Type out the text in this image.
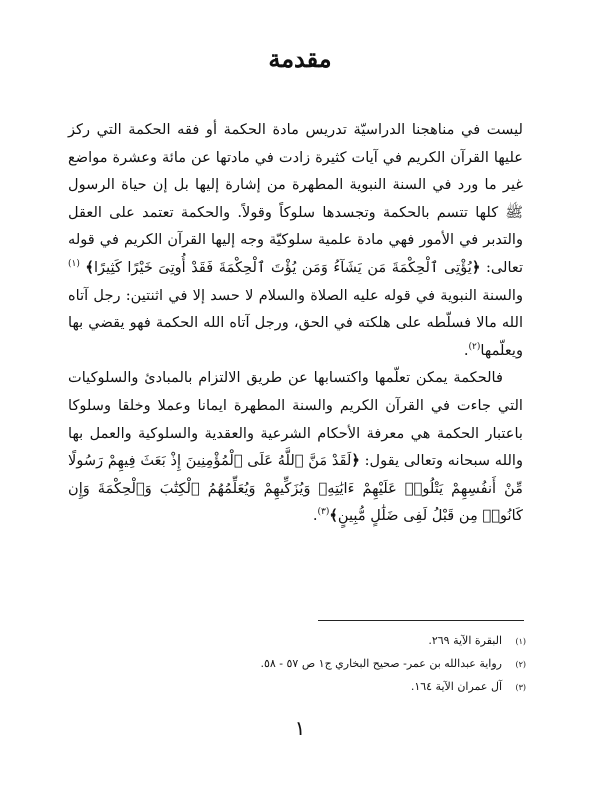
مقدمة

ليست في مناهجنا الدراسيّة تدريس مادة الحكمة أو فقه الحكمة التي ركز عليها القرآن الكريم في آيات كثيرة زادت في مادتها عن مائة وعشرة مواضع غير ما ورد في السنة النبوية المطهرة من إشارة إليها بل إن حياة الرسول ﷺ كلها تتسم بالحكمة وتجسدها سلوكاً وقولاً. والحكمة تعتمد على العقل والتدبر في الأمور فهي مادة علمية سلوكيّة وجه إليها القرآن الكريم في قوله تعالى: ﴿يُؤْتِى ٱلْحِكْمَةَ مَن يَشَآءُ وَمَن يُؤْتَ ٱلْحِكْمَةَ فَقَدْ أُوتِىَ خَيْرًا كَثِيرًا﴾ $^{(١)}$ والسنة النبوية في قوله عليه الصلاة والسلام لا حسد إلا في اثنتين: رجل آتاه الله مالا فسلّطه على هلكته في الحق، ورجل آتاه الله الحكمة فهو يقضي بها ويعلّمها$^{(٢)}$.

فالحكمة يمكن تعلّمها واكتسابها عن طريق الالتزام بالمبادئ والسلوكيات التي جاءت في القرآن الكريم والسنة المطهرة ايمانا وعملا وخلقا وسلوكا باعتبار الحكمة هي معرفة الأحكام الشرعية والعقدية والسلوكية والعمل بها والله سبحانه وتعالى يقول: ﴿لَقَدْ مَنَّ ٱللَّهُ عَلَى ٱلْمُؤْمِنِينَ إِذْ بَعَثَ فِيهِمْ رَسُولًا مِّنْ أَنفُسِهِمْ يَتْلُوا۟ عَلَيْهِمْ ءَايَٰتِهِۦ وَيُزَكِّيهِمْ وَيُعَلِّمُهُمُ ٱلْكِتَٰبَ وَٱلْحِكْمَةَ وَإِن كَانُوا۟ مِن قَبْلُ لَفِى ضَلَٰلٍ مُّبِينٍ﴾$^{(٣)}$.

(١)
البقرة الآية ٢٦٩.
(٢)
رواية عبدالله بن عمر- صحيح البخاري ج١ ص ٥٧ - ٥٨.
(٣)
آل عمران الآية ١٦٤.
١
